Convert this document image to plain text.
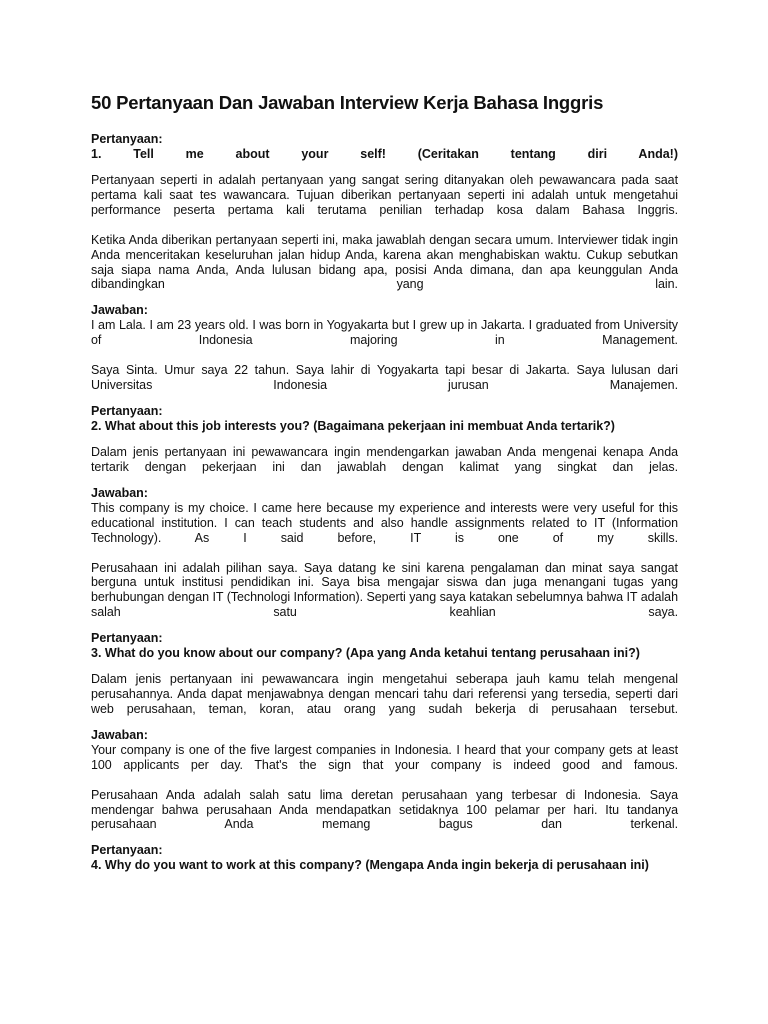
50 Pertanyaan Dan Jawaban Interview Kerja Bahasa Inggris

Pertanyaan:

1.    Tell    me    about    your    self!    (Ceritakan    tentang    diri    Anda!)

Pertanyaan seperti in adalah pertanyaan yang sangat sering ditanyakan oleh pewawancara pada saat pertama kali saat tes wawancara. Tujuan diberikan pertanyaan seperti ini adalah untuk mengetahui performance peserta pertama kali terutama penilian terhadap kosa dalam Bahasa Inggris.

Ketika Anda diberikan pertanyaan seperti ini, maka jawablah dengan secara umum. Interviewer tidak ingin Anda menceritakan keseluruhan jalan hidup Anda, karena akan menghabiskan waktu. Cukup sebutkan saja siapa nama Anda, Anda lulusan bidang apa, posisi Anda dimana, dan apa keunggulan Anda dibandingkan yang lain.

Jawaban:

I am Lala. I am 23 years old. I was born in Yogyakarta but I grew up in Jakarta. I graduated from University of Indonesia majoring in Management.

Saya Sinta. Umur saya 22 tahun. Saya lahir di Yogyakarta tapi besar di Jakarta. Saya lulusan dari Universitas Indonesia jurusan Manajemen.

Pertanyaan:

2. What about this job interests you? (Bagaimana pekerjaan ini membuat Anda tertarik?)

Dalam jenis pertanyaan ini pewawancara ingin mendengarkan jawaban Anda mengenai kenapa Anda tertarik dengan pekerjaan ini dan jawablah dengan kalimat yang singkat dan jelas.

Jawaban:

This company is my choice. I came here because my experience and interests were very useful for this educational institution. I can teach students and also handle assignments related to IT (Information Technology). As I said before, IT is one of my skills.

Perusahaan ini adalah pilihan saya. Saya datang ke sini karena pengalaman dan minat saya sangat berguna untuk institusi pendidikan ini. Saya bisa mengajar siswa dan juga menangani tugas yang berhubungan dengan IT (Technologi Information). Seperti yang saya katakan sebelumnya bahwa IT adalah salah satu keahlian saya.

Pertanyaan:

3. What do you know about our company? (Apa yang Anda ketahui tentang perusahaan ini?)

Dalam jenis pertanyaan ini pewawancara ingin mengetahui seberapa jauh kamu telah mengenal perusahannya. Anda dapat menjawabnya dengan mencari tahu dari referensi yang tersedia, seperti dari web perusahaan, teman, koran, atau orang yang sudah bekerja di perusahaan tersebut.

Jawaban:

Your company is one of the five largest companies in Indonesia. I heard that your company gets at least 100 applicants per day. That's the sign that your company is indeed good and famous.

Perusahaan Anda adalah salah satu lima deretan perusahaan yang terbesar di Indonesia. Saya mendengar bahwa perusahaan Anda mendapatkan setidaknya 100 pelamar per hari. Itu tandanya perusahaan Anda memang bagus dan terkenal.

Pertanyaan:

4. Why do you want to work at this company? (Mengapa Anda ingin bekerja di perusahaan ini)
